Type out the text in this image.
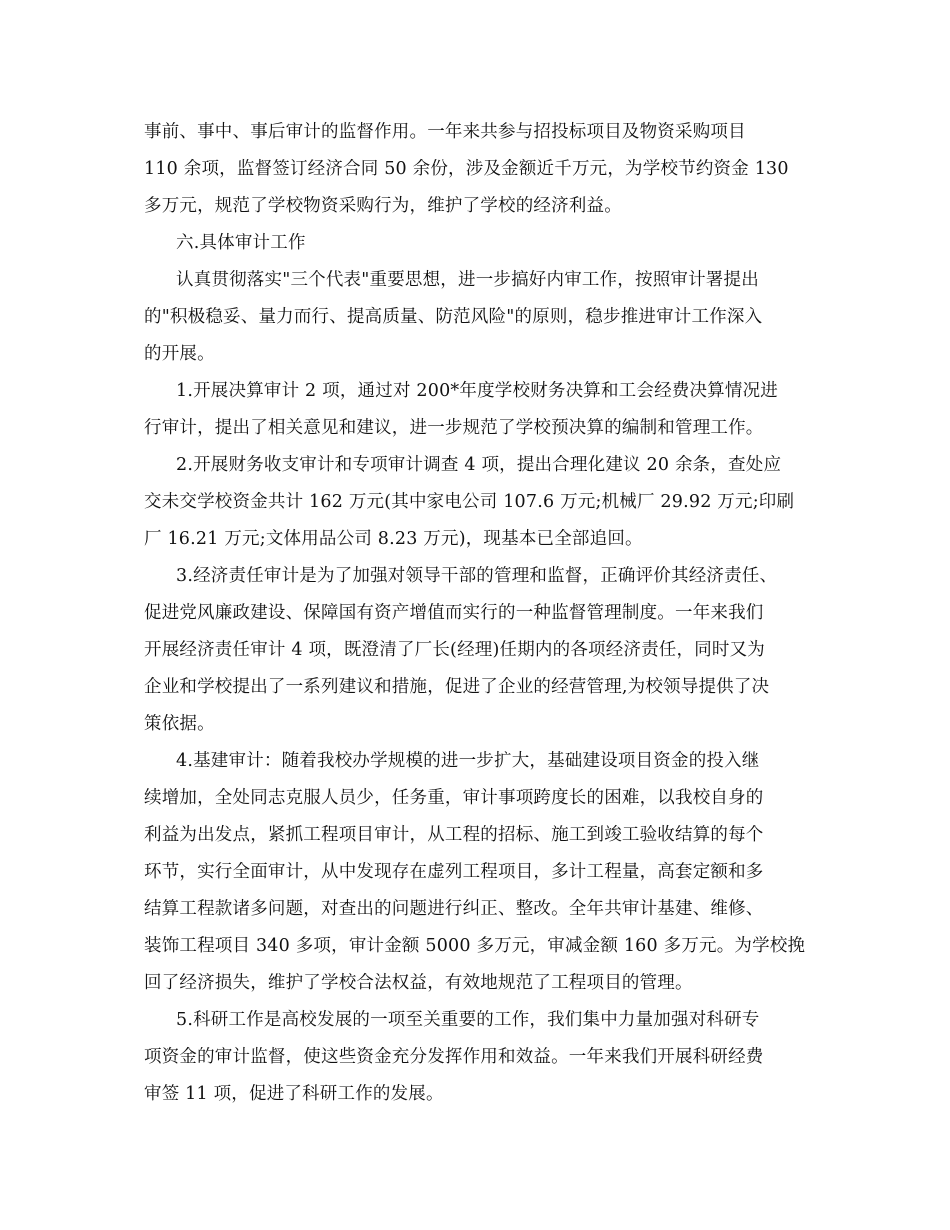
事前、事中、事后审计的监督作用。一年来共参与招投标项目及物资采购项目
110 余项，监督签订经济合同 50 余份，涉及金额近千万元，为学校节约资金 130
多万元，规范了学校物资采购行为，维护了学校的经济利益。
六.具体审计工作
认真贯彻落实"三个代表"重要思想，进一步搞好内审工作，按照审计署提出
的"积极稳妥、量力而行、提高质量、防范风险"的原则，稳步推进审计工作深入
的开展。
1.开展决算审计 2 项，通过对 200*年度学校财务决算和工会经费决算情况进
行审计，提出了相关意见和建议，进一步规范了学校预决算的编制和管理工作。
2.开展财务收支审计和专项审计调查 4 项，提出合理化建议 20 余条，查处应
交未交学校资金共计 162 万元(其中家电公司 107.6 万元;机械厂 29.92 万元;印刷
厂 16.21 万元;文体用品公司 8.23 万元)，现基本已全部追回。
3.经济责任审计是为了加强对领导干部的管理和监督，正确评价其经济责任、
促进党风廉政建设、保障国有资产增值而实行的一种监督管理制度。一年来我们
开展经济责任审计 4 项，既澄清了厂长(经理)任期内的各项经济责任，同时又为
企业和学校提出了一系列建议和措施，促进了企业的经营管理,为校领导提供了决
策依据。
4.基建审计：随着我校办学规模的进一步扩大，基础建设项目资金的投入继
续增加，全处同志克服人员少，任务重，审计事项跨度长的困难，以我校自身的
利益为出发点，紧抓工程项目审计，从工程的招标、施工到竣工验收结算的每个
环节，实行全面审计，从中发现存在虚列工程项目，多计工程量，高套定额和多
结算工程款诸多问题，对查出的问题进行纠正、整改。全年共审计基建、维修、
装饰工程项目 340 多项，审计金额 5000 多万元，审减金额 160 多万元。为学校挽
回了经济损失，维护了学校合法权益，有效地规范了工程项目的管理。
5.科研工作是高校发展的一项至关重要的工作，我们集中力量加强对科研专
项资金的审计监督，使这些资金充分发挥作用和效益。一年来我们开展科研经费
审签 11 项，促进了科研工作的发展。
